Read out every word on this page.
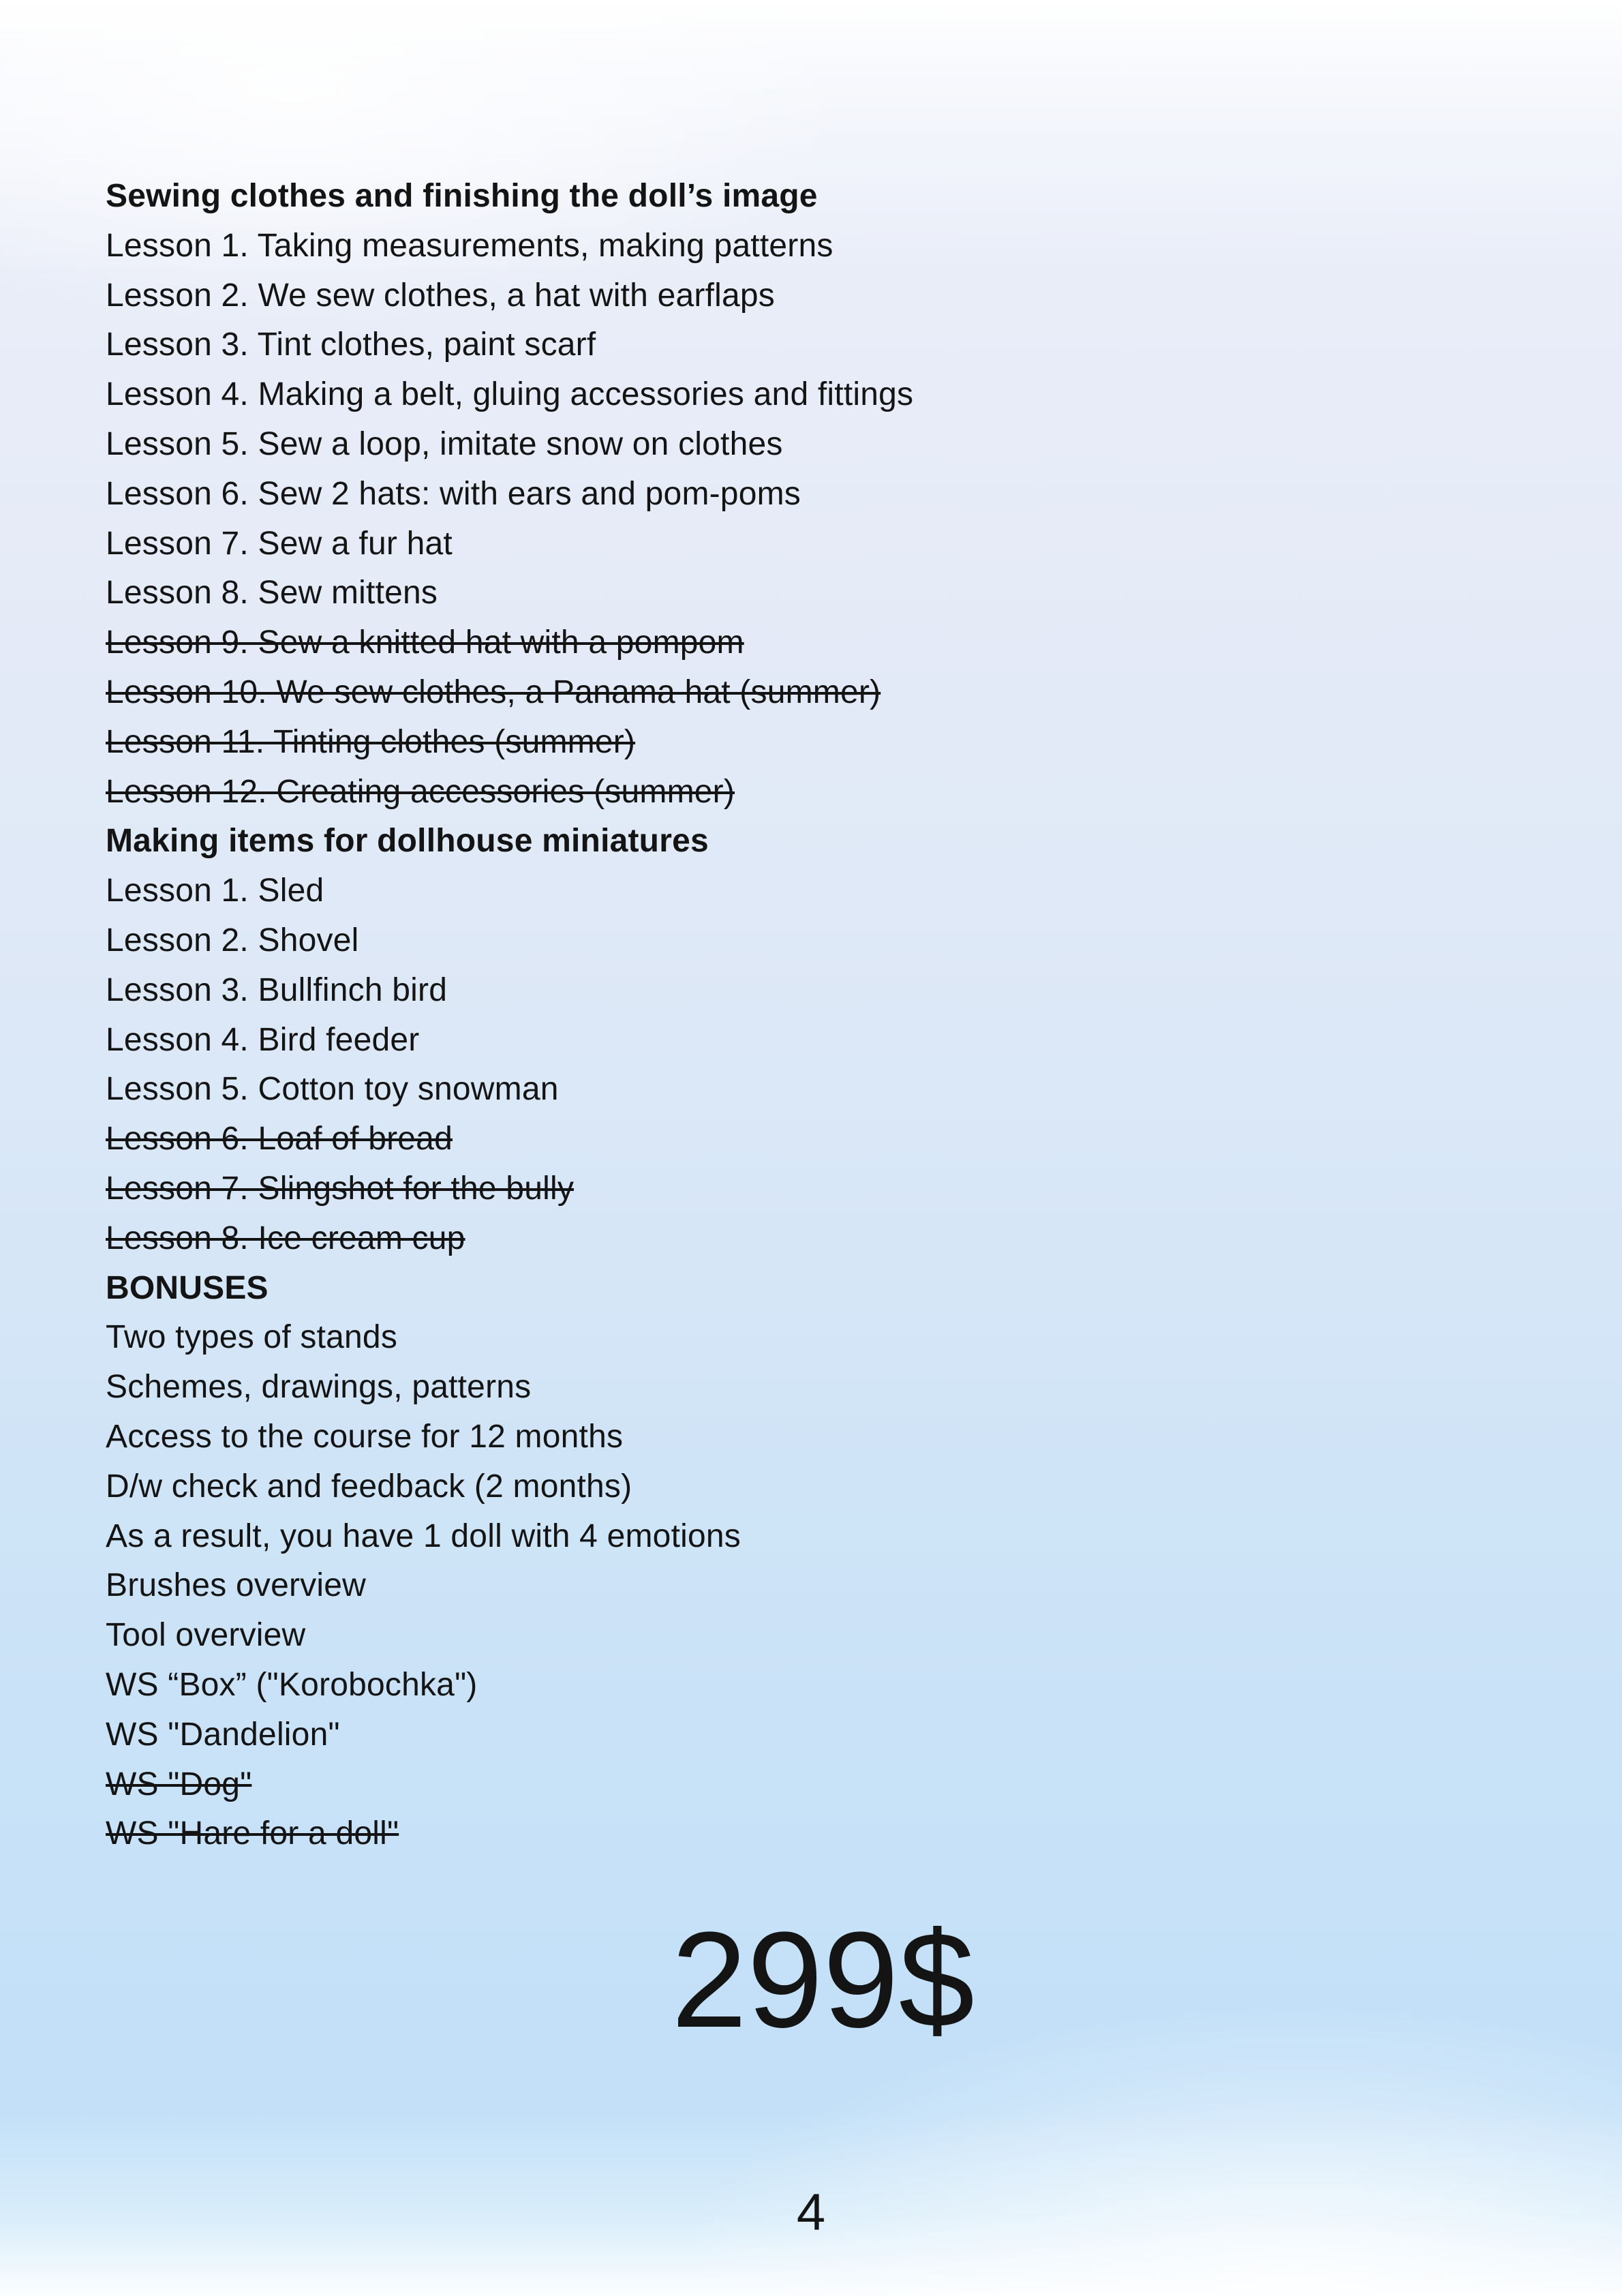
Sewing clothes and finishing the doll’s image
Lesson 1. Taking measurements, making patterns
Lesson 2. We sew clothes, a hat with earflaps
Lesson 3. Tint clothes, paint scarf
Lesson 4. Making a belt, gluing accessories and fittings
Lesson 5. Sew a loop, imitate snow on clothes
Lesson 6. Sew 2 hats: with ears and pom-poms
Lesson 7. Sew a fur hat
Lesson 8. Sew mittens
Lesson 9. Sew a knitted hat with a pompom
Lesson 10. We sew clothes, a Panama hat (summer)
Lesson 11. Tinting clothes (summer)
Lesson 12. Creating accessories (summer)
Making items for dollhouse miniatures
Lesson 1. Sled
Lesson 2. Shovel
Lesson 3. Bullfinch bird
Lesson 4. Bird feeder
Lesson 5. Cotton toy snowman
Lesson 6. Loaf of bread
Lesson 7. Slingshot for the bully
Lesson 8. Ice cream cup
BONUSES
Two types of stands
Schemes, drawings, patterns
Access to the course for 12 months
D/w check and feedback (2 months)
As a result, you have 1 doll with 4 emotions
Brushes overview
Tool overview
WS “Box” ("Korobochka")
WS "Dandelion"
WS "Dog"
WS "Hare for a doll"
299$
4
